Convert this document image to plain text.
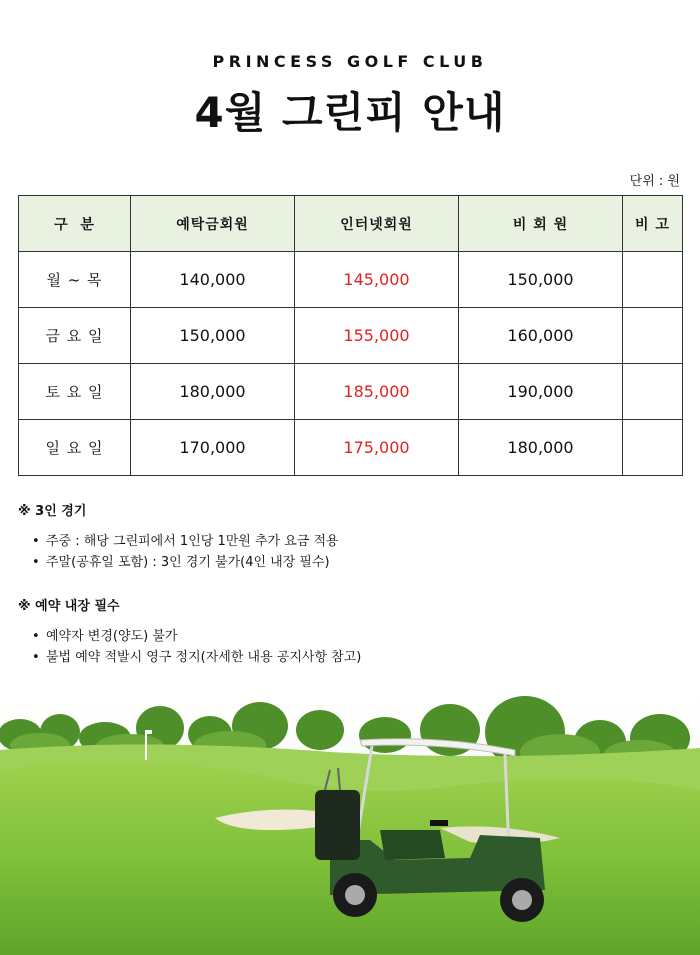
PRINCESS GOLF CLUB
4월 그린피 안내
단위 : 원
구  분	예탁금회원	인터넷회원	비 회 원	비 고
월 ~ 목	140,000	145,000	150,000	
금 요 일	150,000	155,000	160,000	
토 요 일	180,000	185,000	190,000	
일 요 일	170,000	175,000	180,000	
※ 3인 경기
• 주중 : 해당 그린피에서 1인당 1만원 추가 요금 적용
• 주말(공휴일 포함) : 3인 경기 불가(4인 내장 필수)
※ 예약 내장 필수
• 예약자 변경(양도) 불가
• 불법 예약 적발시 영구 정지(자세한 내용 공지사항 참고)
